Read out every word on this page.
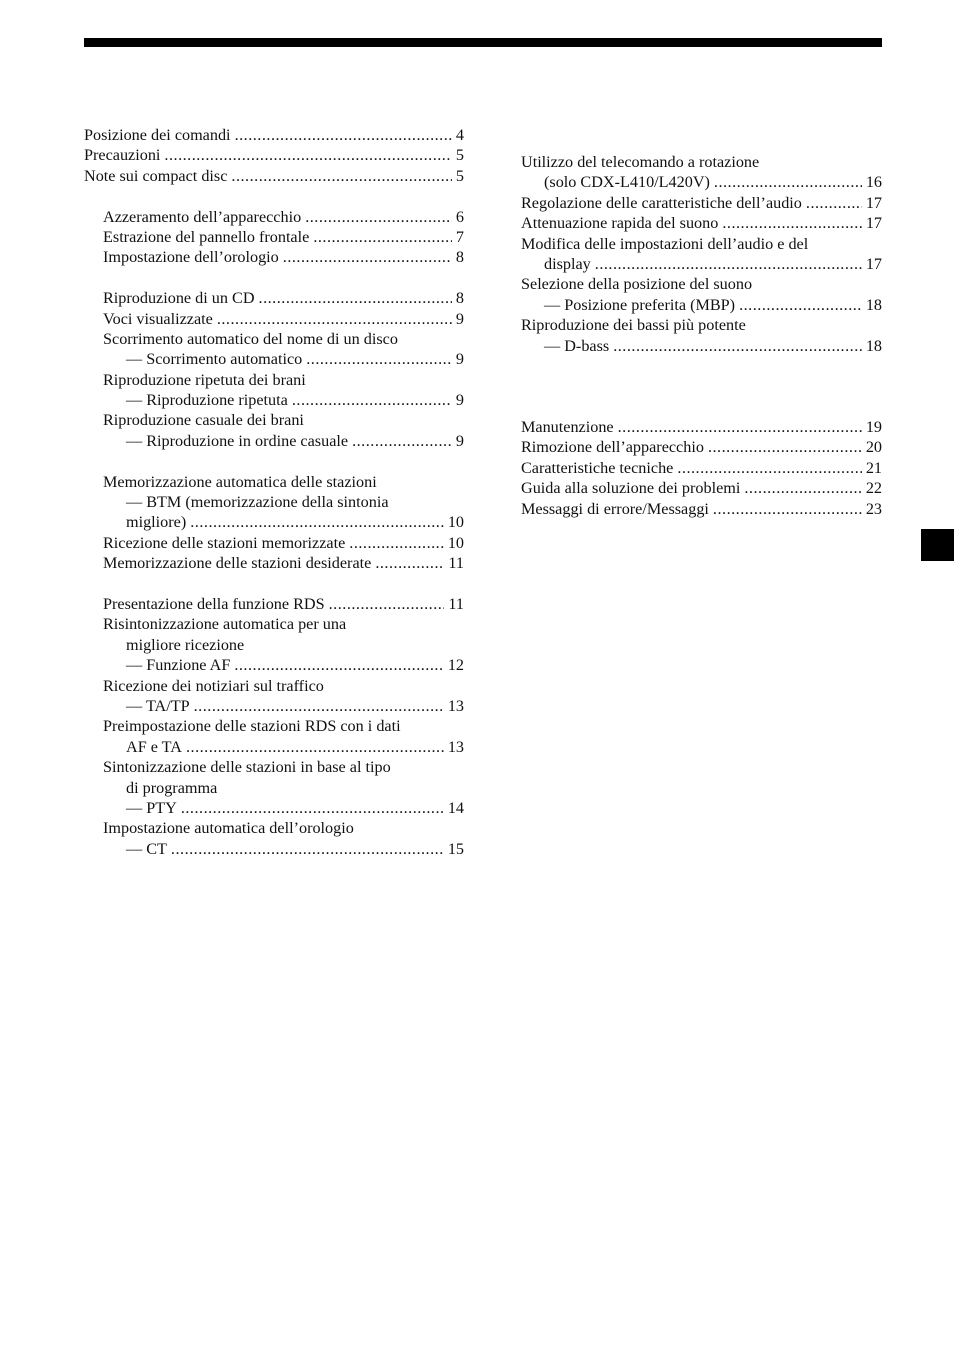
Posizione dei comandi .....	4
Precauzioni .....	5
Note sui compact disc .....	5
Azzeramento dell’apparecchio .....	6
Estrazione del pannello frontale .....	7
Impostazione dell’orologio .....	8
Riproduzione di un CD .....	8
Voci visualizzate .....	9
Scorrimento automatico del nome di un disco
— Scorrimento automatico .....	9
Riproduzione ripetuta dei brani
— Riproduzione ripetuta .....	9
Riproduzione casuale dei brani
— Riproduzione in ordine casuale .....	9
Memorizzazione automatica delle stazioni
— BTM (memorizzazione della sintonia
migliore) .....	10
Ricezione delle stazioni memorizzate .....	10
Memorizzazione delle stazioni desiderate .....	11
Presentazione della funzione RDS .....	11
Risintonizzazione automatica per una
migliore ricezione
— Funzione AF .....	12
Ricezione dei notiziari sul traffico
— TA/TP .....	13
Preimpostazione delle stazioni RDS con i dati
AF e TA .....	13
Sintonizzazione delle stazioni in base al tipo
di programma
— PTY .....	14
Impostazione automatica dell’orologio
— CT .....	15
Utilizzo del telecomando a rotazione
(solo CDX-L410/L420V) .....	16
Regolazione delle caratteristiche dell’audio .....	17
Attenuazione rapida del suono .....	17
Modifica delle impostazioni dell’audio e del
display .....	17
Selezione della posizione del suono
— Posizione preferita (MBP) .....	18
Riproduzione dei bassi più potente
— D-bass .....	18
Manutenzione .....	19
Rimozione dell’apparecchio .....	20
Caratteristiche tecniche .....	21
Guida alla soluzione dei problemi .....	22
Messaggi di errore/Messaggi .....	23
